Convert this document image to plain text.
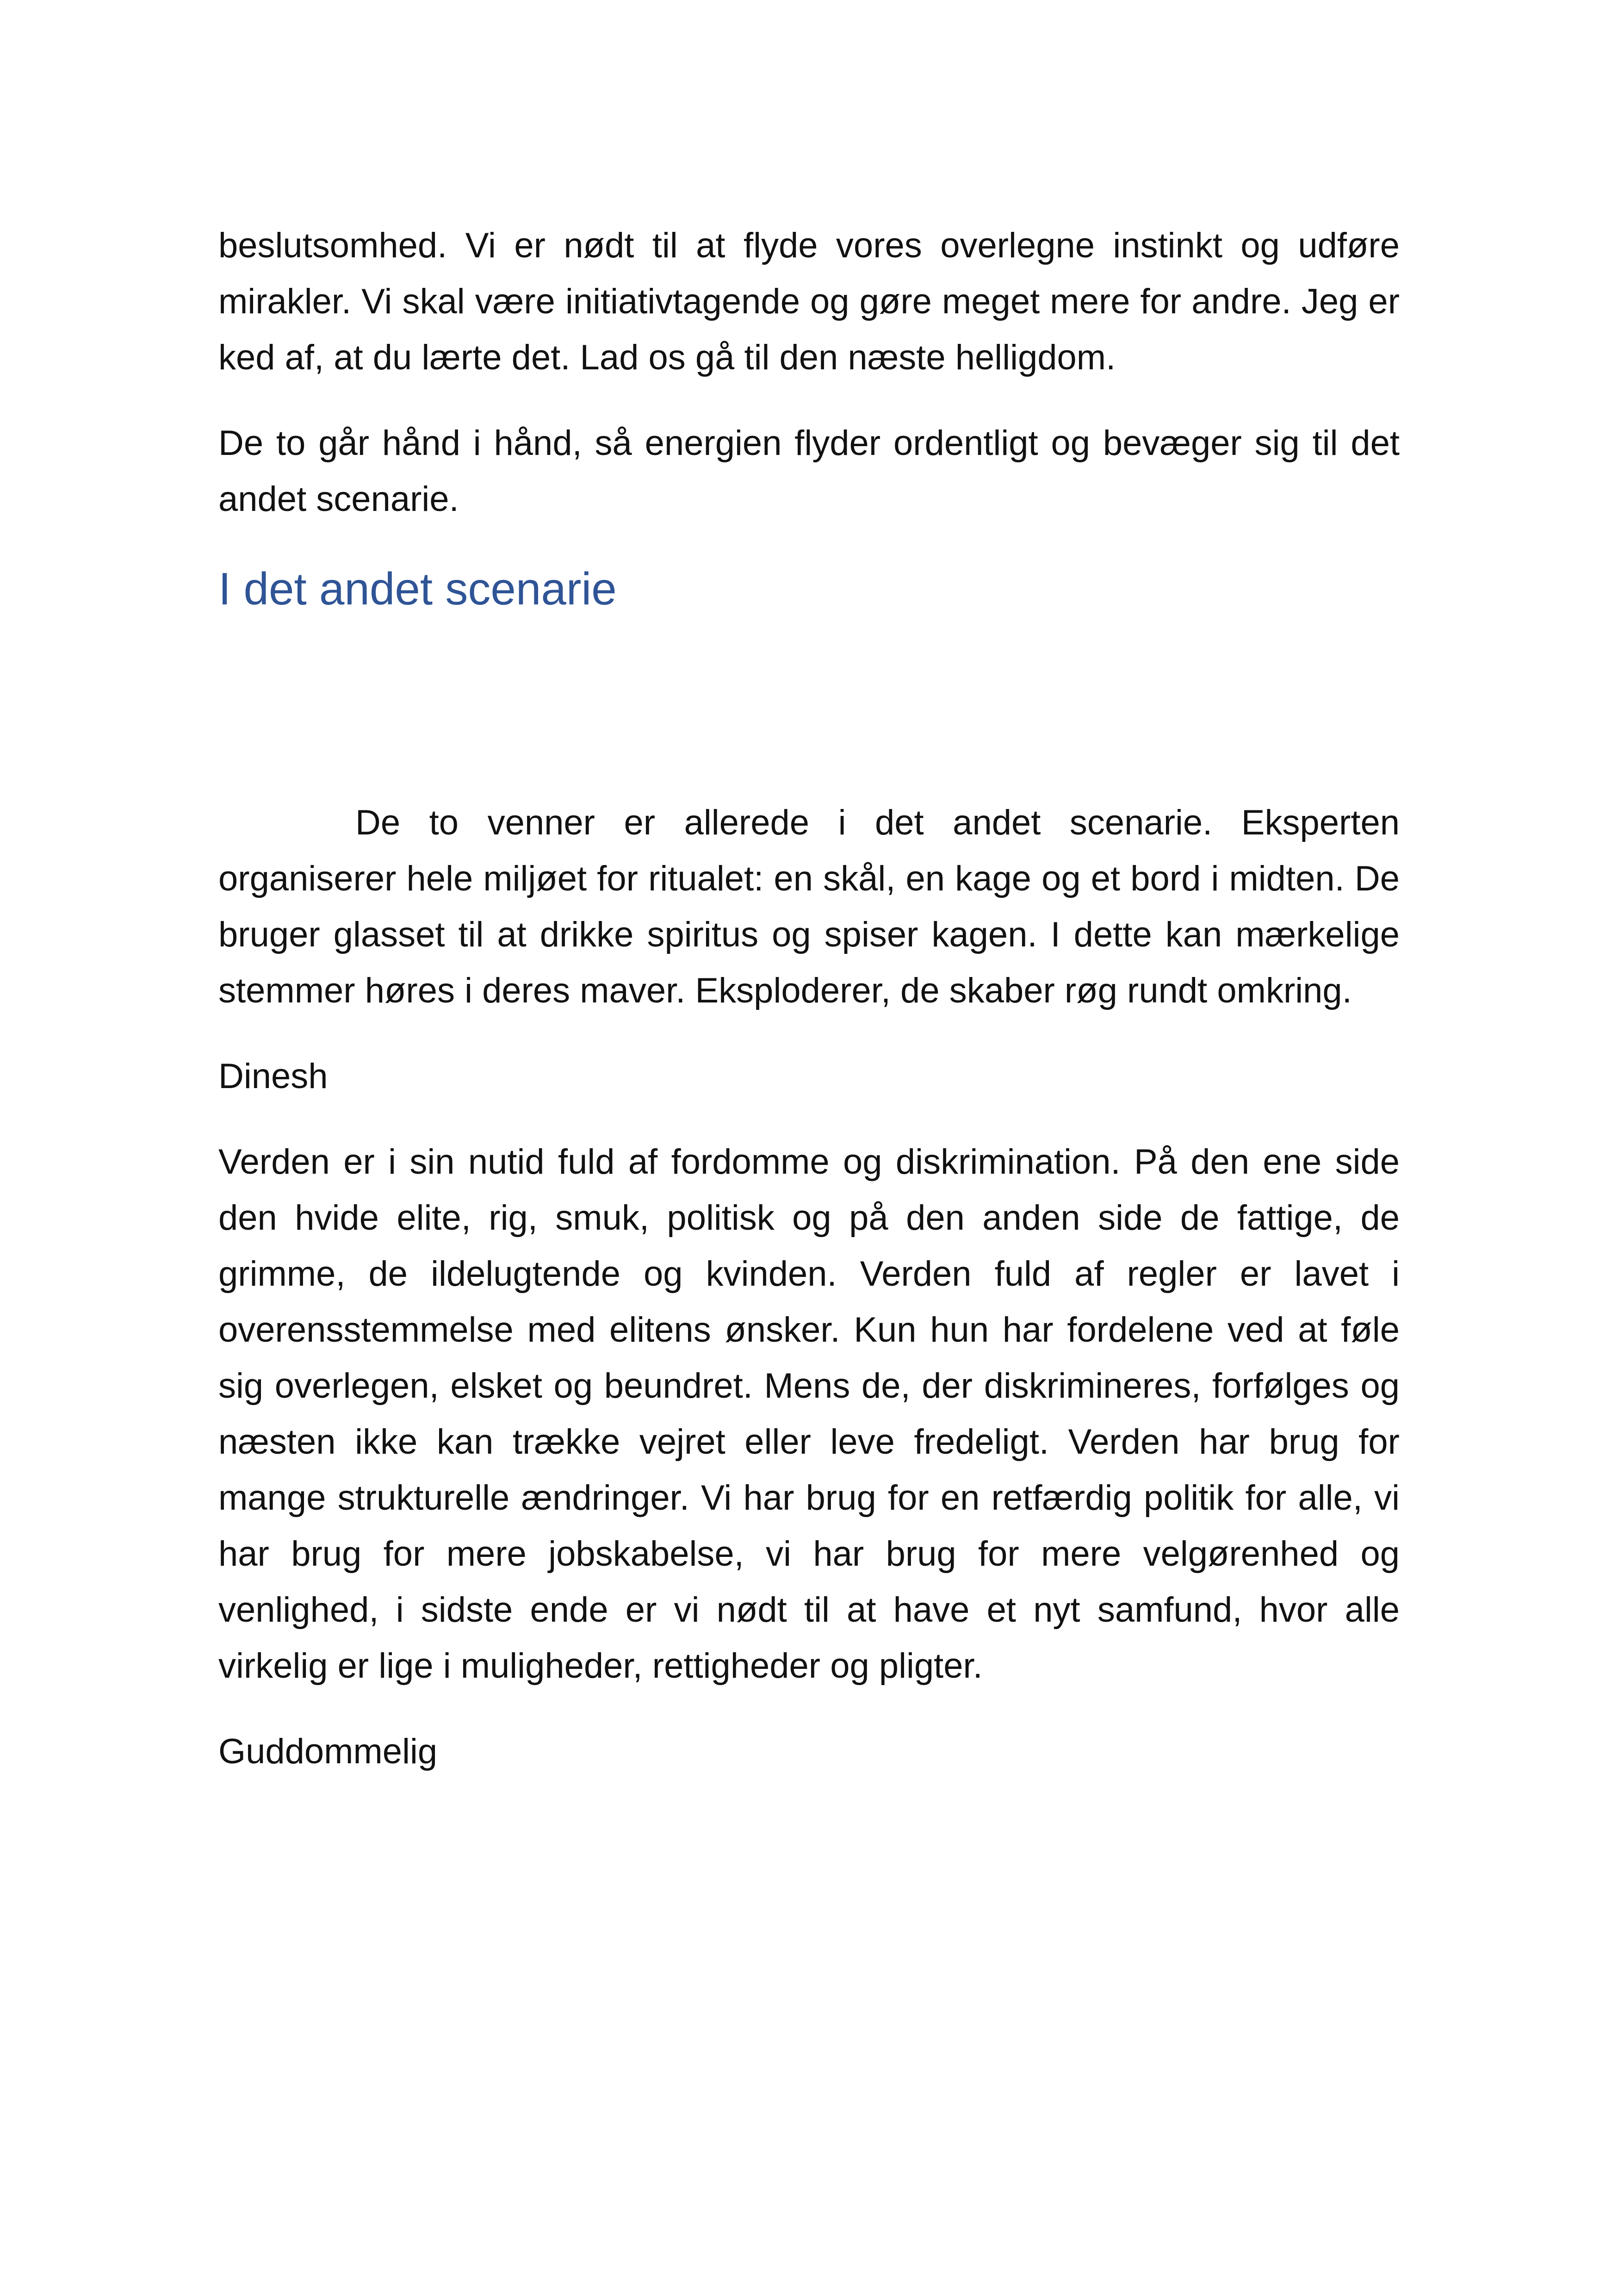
beslutsomhed. Vi er nødt til at flyde vores overlegne instinkt og udføre mirakler. Vi skal være initiativtagende og gøre meget mere for andre. Jeg er ked af, at du lærte det. Lad os gå til den næste helligdom.

De to går hånd i hånd, så energien flyder ordentligt og bevæger sig til det andet scenarie.

I det andet scenarie

De to venner er allerede i det andet scenarie. Eksperten organiserer hele miljøet for ritualet: en skål, en kage og et bord i midten. De bruger glasset til at drikke spiritus og spiser kagen. I dette kan mærkelige stemmer høres i deres maver. Eksploderer, de skaber røg rundt omkring.

Dinesh

Verden er i sin nutid fuld af fordomme og diskrimination. På den ene side den hvide elite, rig, smuk, politisk og på den anden side de fattige, de grimme, de ildelugtende og kvinden. Verden fuld af regler er lavet i overensstemmelse med elitens ønsker. Kun hun har fordelene ved at føle sig overlegen, elsket og beundret. Mens de, der diskrimineres, forfølges og næsten ikke kan trække vejret eller leve fredeligt. Verden har brug for mange strukturelle ændringer. Vi har brug for en retfærdig politik for alle, vi har brug for mere jobskabelse, vi har brug for mere velgørenhed og venlighed, i sidste ende er vi nødt til at have et nyt samfund, hvor alle virkelig er lige i muligheder, rettigheder og pligter.

Guddommelig
